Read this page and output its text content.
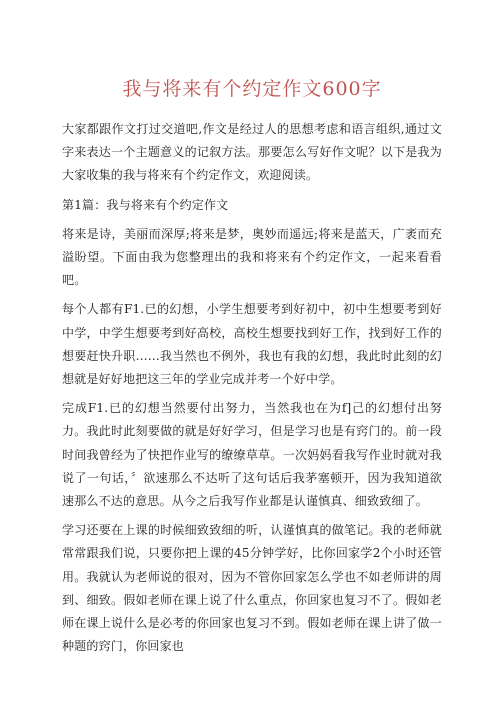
我与将来有个约定作文600字

大家都跟作文打过交道吧,作文是经过人的思想考虑和语言组织,通过文字来表达一个主题意义的记叙方法。那要怎么写好作文呢？以下是我为大家收集的我与将来有个约定作文，欢迎阅读。

第1篇：我与将来有个约定作文

将来是诗，美丽而深厚;将来是梦，奥妙而遥远;将来是蓝天，广袤而充溢盼望。下面由我为您整理出的我和将来有个约定作文，一起来看看吧。

每个人都有F1.已的幻想，小学生想要考到好初中，初中生想要考到好中学，中学生想要考到好高校，高校生想要找到好工作，找到好工作的想要赶快升职……我当然也不例外，我也有我的幻想，我此时此刻的幻想就是好好地把这三年的学业完成并考一个好中学。

完成F1.已的幻想当然要付出努力，当然我也在为f]己的幻想付出努力。我此时此刻要做的就是好好学习，但是学习也是有窍门的。前一段时间我曾经为了快把作业写的缭缭草草。一次妈妈看我写作业时就对我说了一句话，〞欲速那么不达听了这句话后我茅塞顿开，因为我知道欲速那么不达的意思。从今之后我写作业都是认谨慎真、细致致细了。

学习还要在上课的时候细致致细的听，认谨慎真的做笔记。我的老师就常常跟我们说，只要你把上课的45分钟学好，比你回家学2个小时还管用。我就认为老师说的很对，因为不管你回家怎么学也不如老师讲的周到、细致。假如老师在课上说了什么重点，你回家也复习不了。假如老师在课上说什么是必考的你回家也复习不到。假如老师在课上讲了做一种题的窍门，你回家也
